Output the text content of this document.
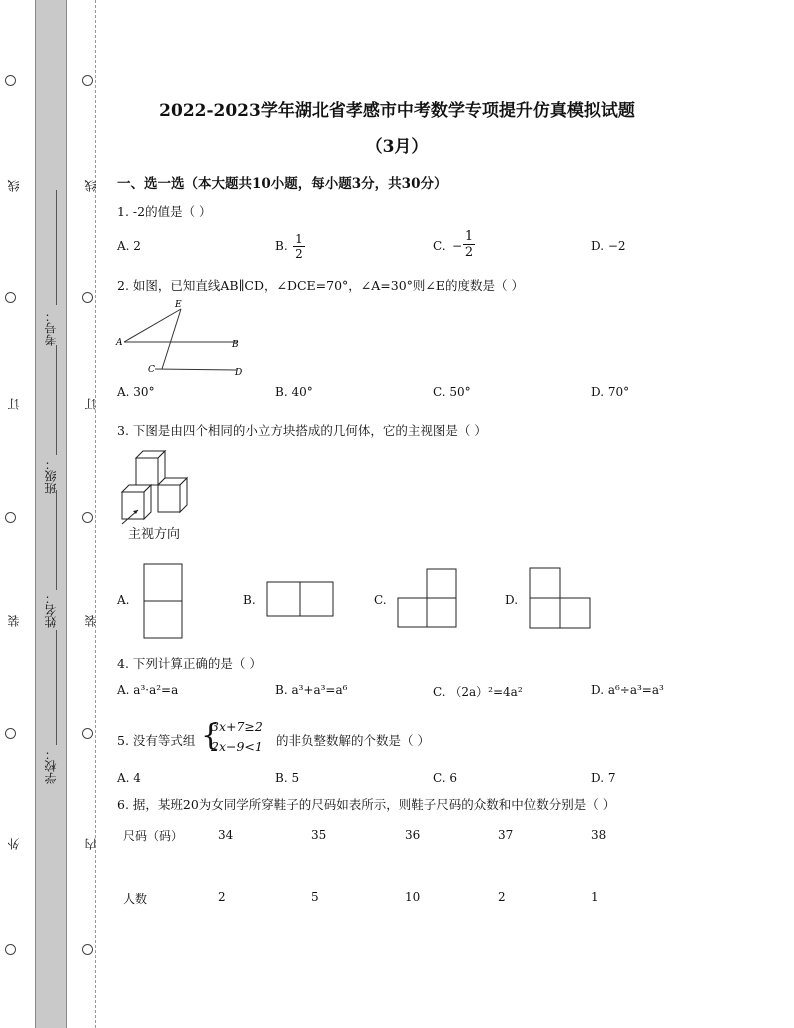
线
订
装
外
线
订
装
内
考号：
班级：
姓名：
学校：
2022-2023学年湖北省孝感市中考数学专项提升仿真模拟试题
（3月）
一、选一选（本大题共10小题，每小题3分，共30分）
1. -2的值是（ ）
A. 2	B. $\frac{1}{2}$	C. − $\frac{1}{2}$	D. −2
2. 如图，已知直线AB∥CD，∠DCE=70°，∠A=30°则∠E的度数是（ ）
E
A	B
C	D
A. 30°	B. 40°	C. 50°	D. 70°
3. 下图是由四个相同的小立方块搭成的几何体，它的主视图是（ ）
主视方向
A.	B.	C.	D.
4. 下列计算正确的是（ ）
A. a³·a²=a	B. a³+a³=a⁶	C. （2a）²=4a²	D. a⁶÷a³=a³
5. 没有等式组 {
3x+7≥2
2x−9<1 的非负整数解的个数是（ ）
A. 4	B. 5	C. 6	D. 7
6. 据，某班20为女同学所穿鞋子的尺码如表所示，则鞋子尺码的众数和中位数分别是（ ）
尺码（码）	34	35	36	37	38
人数	2	5	10	2	1
